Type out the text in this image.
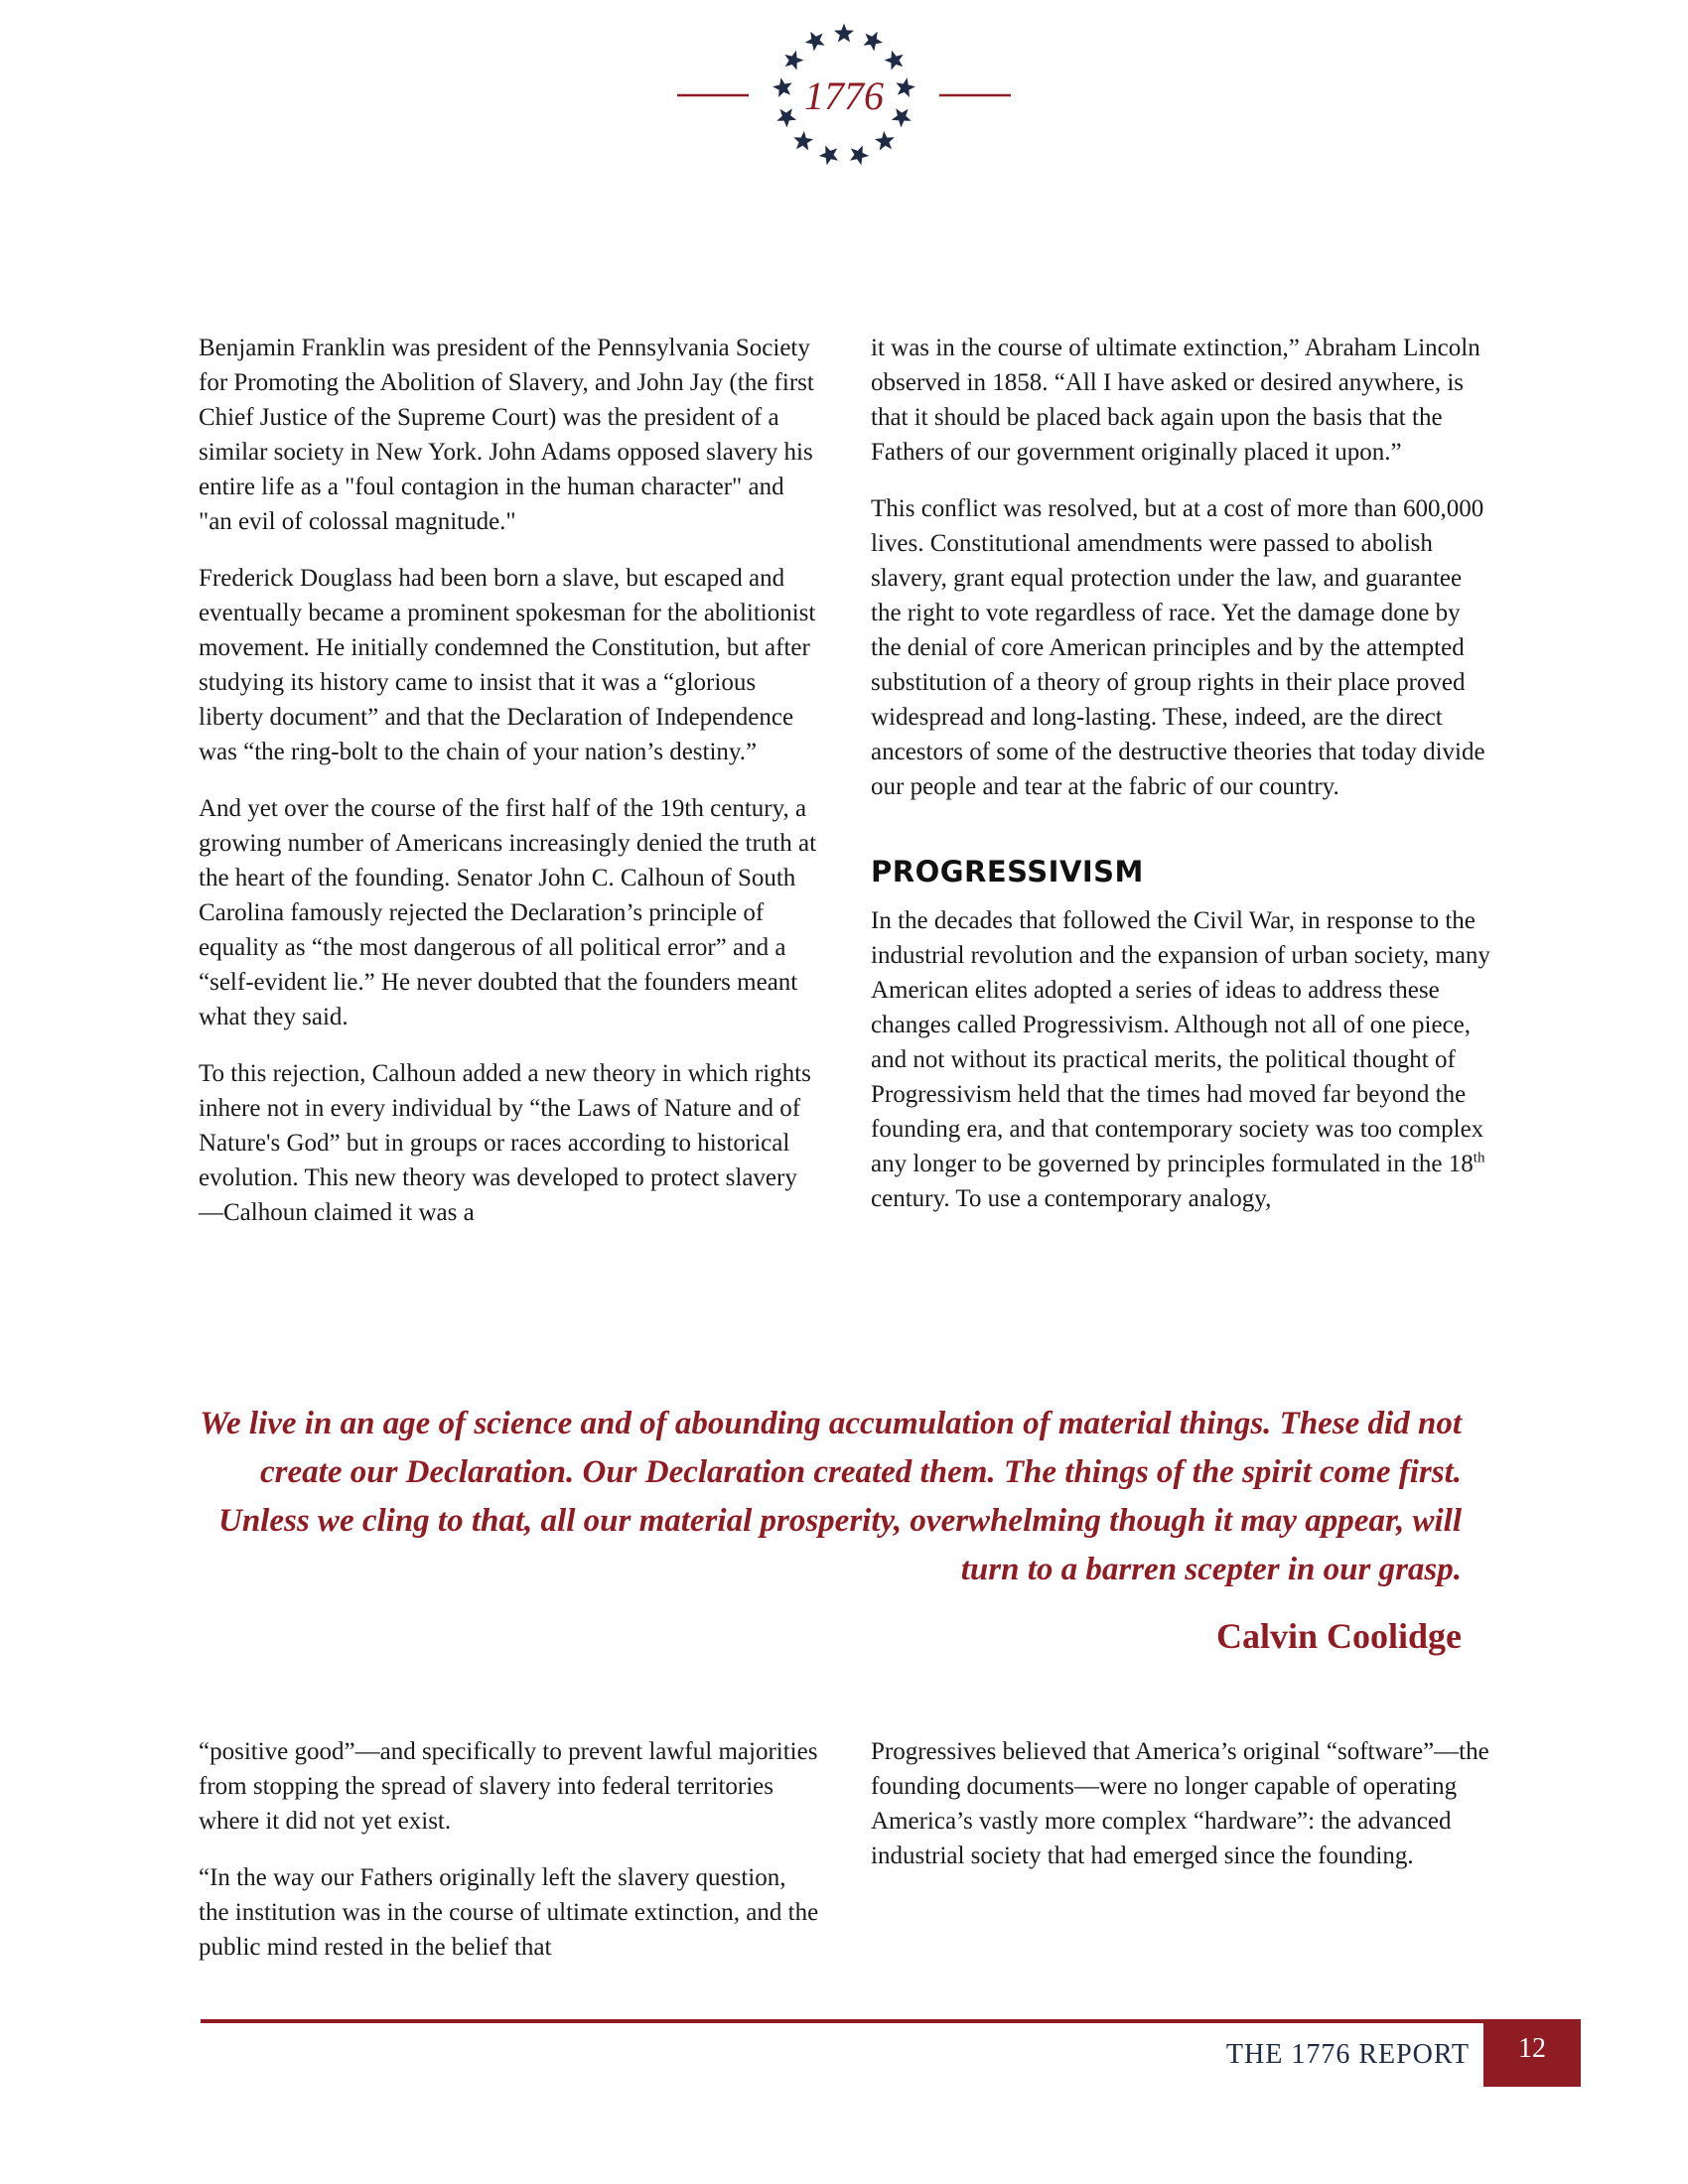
1776

Benjamin Franklin was president of the Pennsylvania Society for Promoting the Abolition of Slavery, and John Jay (the first Chief Justice of the Supreme Court) was the president of a similar society in New York. John Adams opposed slavery his entire life as a "foul contagion in the human character" and "an evil of colossal magnitude."

Frederick Douglass had been born a slave, but escaped and eventually became a prominent spokesman for the abolitionist movement. He initially condemned the Constitution, but after studying its history came to insist that it was a “glorious liberty document” and that the Declaration of Independence was “the ring-bolt to the chain of your nation’s destiny.”

And yet over the course of the first half of the 19th century, a growing number of Americans increasingly denied the truth at the heart of the founding. Senator John C. Calhoun of South Carolina famously rejected the Declaration’s principle of equality as “the most dangerous of all political error” and a “self-evident lie.” He never doubted that the founders meant what they said.

To this rejection, Calhoun added a new theory in which rights inhere not in every individual by “the Laws of Nature and of Nature's God” but in groups or races according to historical evolution. This new theory was developed to protect slavery—Calhoun claimed it was a

it was in the course of ultimate extinction,” Abraham Lincoln observed in 1858. “All I have asked or desired anywhere, is that it should be placed back again upon the basis that the Fathers of our government originally placed it upon.”

This conflict was resolved, but at a cost of more than 600,000 lives. Constitutional amendments were passed to abolish slavery, grant equal protection under the law, and guarantee the right to vote regardless of race. Yet the damage done by the denial of core American principles and by the attempted substitution of a theory of group rights in their place proved widespread and long-lasting. These, indeed, are the direct ancestors of some of the destructive theories that today divide our people and tear at the fabric of our country.

PROGRESSIVISM

In the decades that followed the Civil War, in response to the industrial revolution and the expansion of urban society, many American elites adopted a series of ideas to address these changes called Progressivism. Although not all of one piece, and not without its practical merits, the political thought of Progressivism held that the times had moved far beyond the founding era, and that contemporary society was too complex any longer to be governed by principles formulated in the 18th century. To use a contemporary analogy,

We live in an age of science and of abounding accumulation of material things. These did not create our Declaration. Our Declaration created them. The things of the spirit come first. Unless we cling to that, all our material prosperity, overwhelming though it may appear, will turn to a barren scepter in our grasp.
Calvin Coolidge

“positive good”—and specifically to prevent lawful majorities from stopping the spread of slavery into federal territories where it did not yet exist.

“In the way our Fathers originally left the slavery question, the institution was in the course of ultimate extinction, and the public mind rested in the belief that

Progressives believed that America’s original “software”—the founding documents—were no longer capable of operating America’s vastly more complex “hardware”: the advanced industrial society that had emerged since the founding.

THE 1776 REPORT	12
